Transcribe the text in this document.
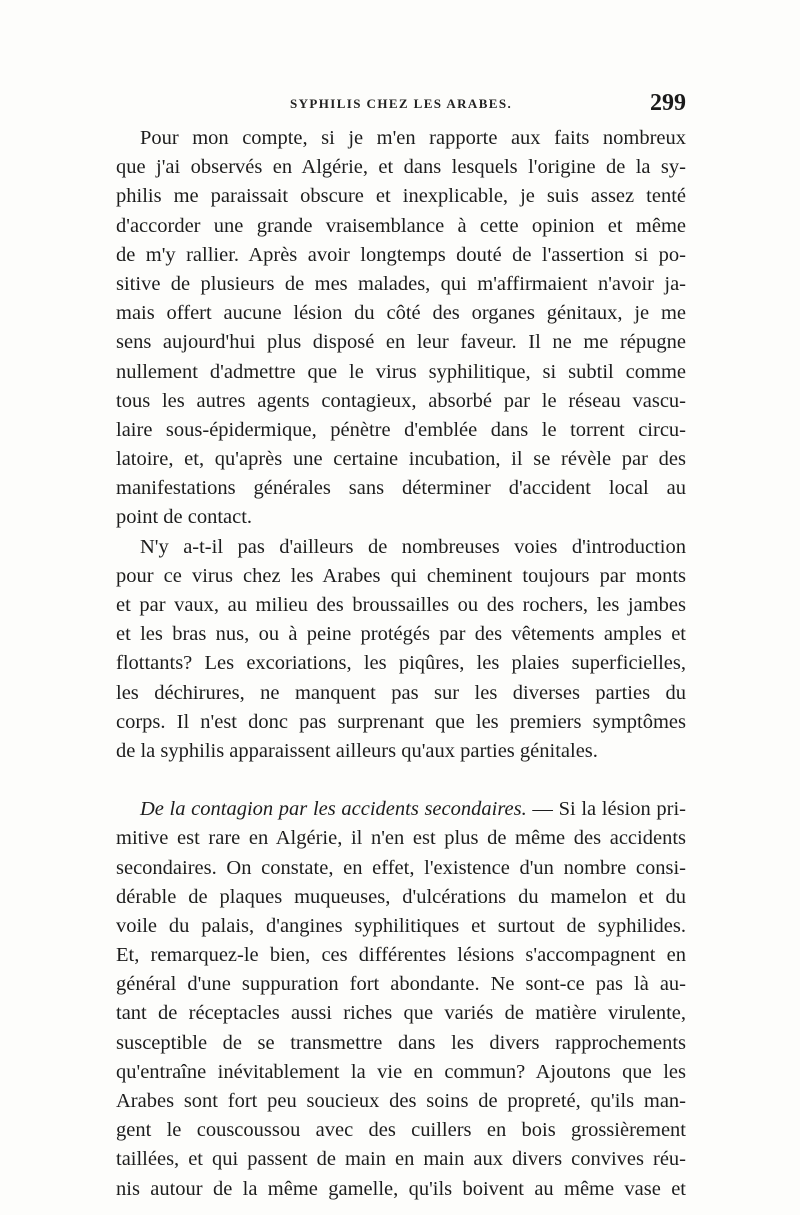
SYPHILIS CHEZ LES ARABES.	299
Pour mon compte, si je m'en rapporte aux faits nombreux
que j'ai observés en Algérie, et dans lesquels l'origine de la sy-
philis me paraissait obscure et inexplicable, je suis assez tenté
d'accorder une grande vraisemblance à cette opinion et même
de m'y rallier. Après avoir longtemps douté de l'assertion si po-
sitive de plusieurs de mes malades, qui m'affirmaient n'avoir ja-
mais offert aucune lésion du côté des organes génitaux, je me
sens aujourd'hui plus disposé en leur faveur. Il ne me répugne
nullement d'admettre que le virus syphilitique, si subtil comme
tous les autres agents contagieux, absorbé par le réseau vascu-
laire sous-épidermique, pénètre d'emblée dans le torrent circu-
latoire, et, qu'après une certaine incubation, il se révèle par des
manifestations générales sans déterminer d'accident local au
point de contact.
N'y a-t-il pas d'ailleurs de nombreuses voies d'introduction
pour ce virus chez les Arabes qui cheminent toujours par monts
et par vaux, au milieu des broussailles ou des rochers, les jambes
et les bras nus, ou à peine protégés par des vêtements amples et
flottants? Les excoriations, les piqûres, les plaies superficielles,
les déchirures, ne manquent pas sur les diverses parties du
corps. Il n'est donc pas surprenant que les premiers symptômes
de la syphilis apparaissent ailleurs qu'aux parties génitales.
De la contagion par les accidents secondaires. — Si la lésion pri-
mitive est rare en Algérie, il n'en est plus de même des accidents
secondaires. On constate, en effet, l'existence d'un nombre consi-
dérable de plaques muqueuses, d'ulcérations du mamelon et du
voile du palais, d'angines syphilitiques et surtout de syphilides.
Et, remarquez-le bien, ces différentes lésions s'accompagnent en
général d'une suppuration fort abondante. Ne sont-ce pas là au-
tant de réceptacles aussi riches que variés de matière virulente,
susceptible de se transmettre dans les divers rapprochements
qu'entraîne inévitablement la vie en commun? Ajoutons que les
Arabes sont fort peu soucieux des soins de propreté, qu'ils man-
gent le couscoussou avec des cuillers en bois grossièrement
taillées, et qui passent de main en main aux divers convives réu-
nis autour de la même gamelle, qu'ils boivent au même vase et
